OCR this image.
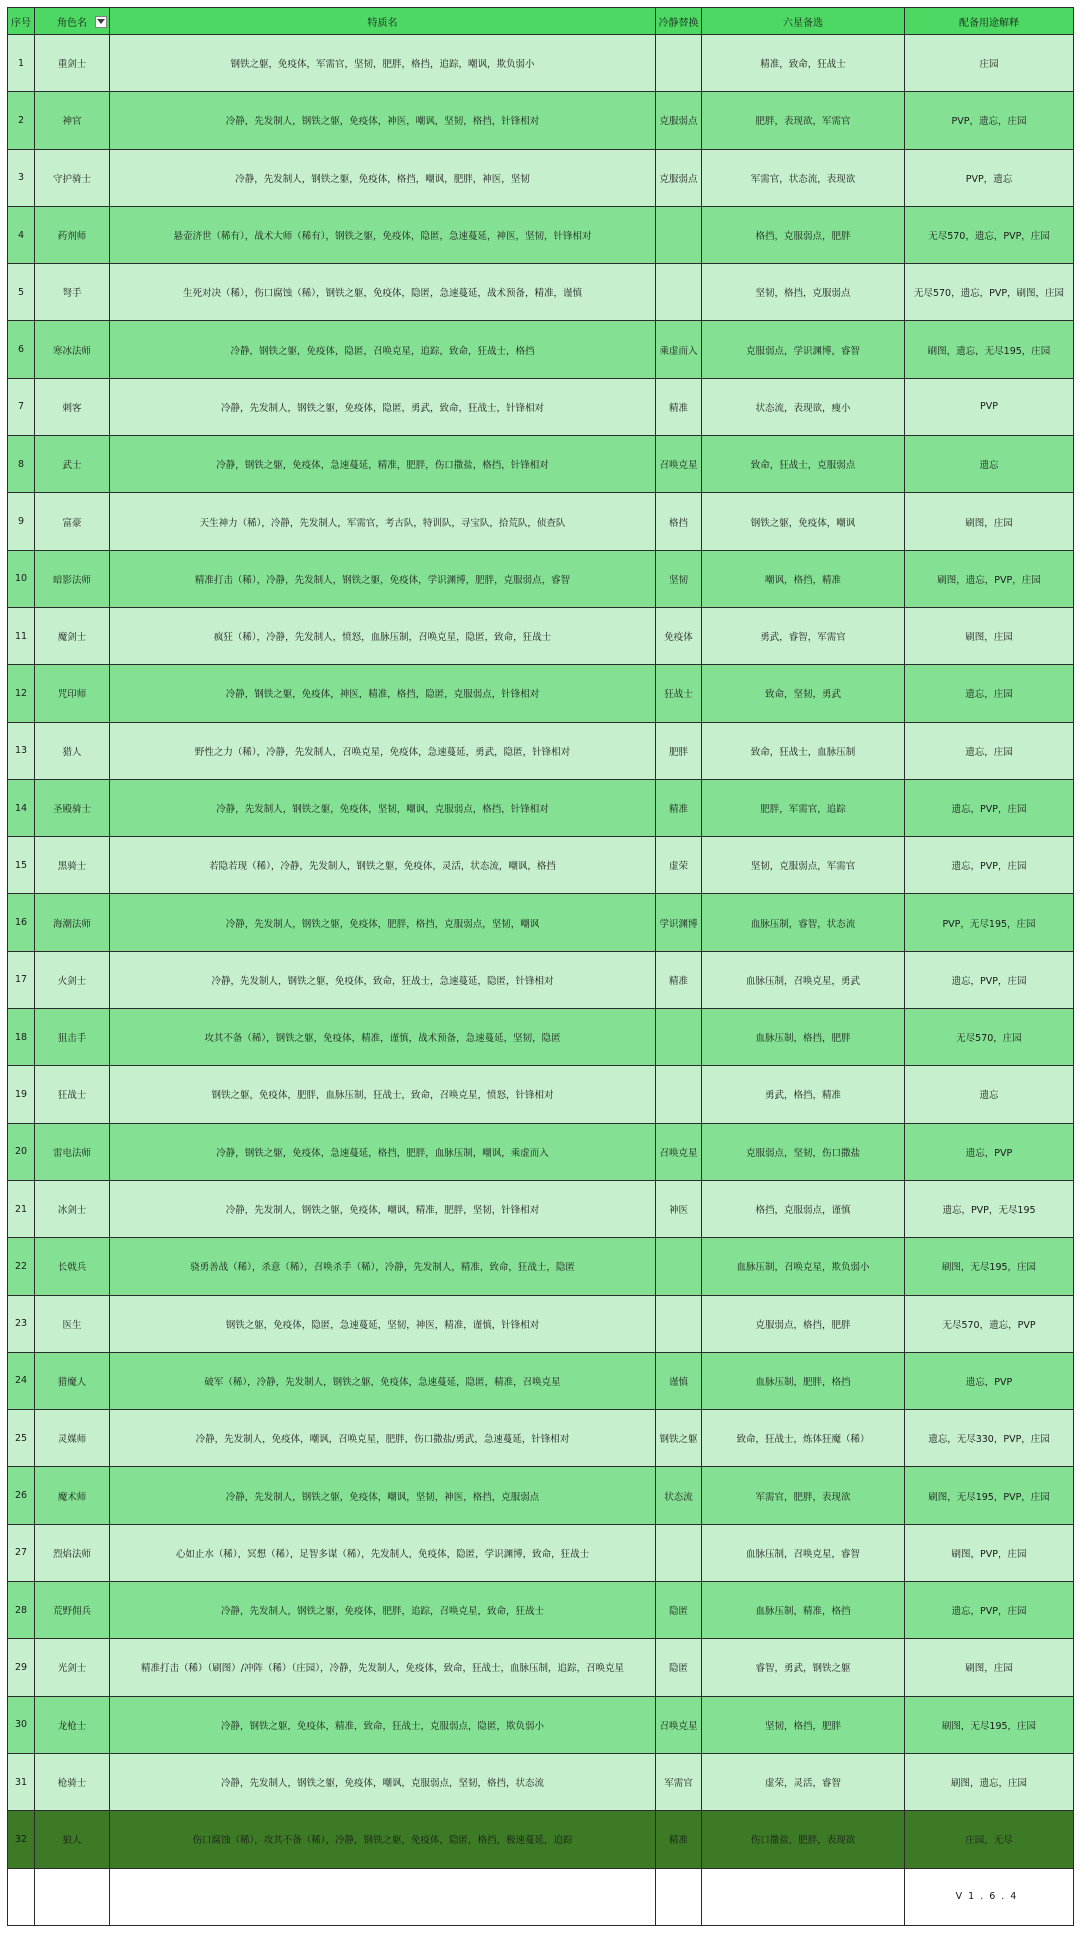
序号	角色名	特质名	冷静替换	六星备选	配备用途解释
1	重剑士	钢铁之躯，免疫体，军需官，坚韧，肥胖，格挡，追踪，嘲讽，欺负弱小		精准，致命，狂战士	庄园
2	神官	冷静，先发制人，钢铁之躯，免疫体，神医，嘲讽，坚韧，格挡，针锋相对	克服弱点	肥胖，表现欲，军需官	PVP，遗忘，庄园
3	守护骑士	冷静，先发制人，钢铁之躯，免疫体，格挡，嘲讽，肥胖，神医，坚韧	克服弱点	军需官，状态流，表现欲	PVP，遗忘
4	药剂师	悬壶济世（稀有），战术大师（稀有），钢铁之躯，免疫体，隐匿，急速蔓延，神医，坚韧，针锋相对		格挡，克服弱点，肥胖	无尽570，遗忘，PVP，庄园
5	弩手	生死对决（稀），伤口腐蚀（稀），钢铁之躯，免疫体，隐匿，急速蔓延，战术预备，精准，谨慎		坚韧，格挡，克服弱点	无尽570，遗忘，PVP，刷图，庄园
6	寒冰法师	冷静，钢铁之躯，免疫体，隐匿，召唤克星，追踪，致命，狂战士，格挡	乘虚而入	克服弱点，学识渊博，睿智	刷图，遗忘，无尽195，庄园
7	刺客	冷静，先发制人，钢铁之躯，免疫体，隐匿，勇武，致命，狂战士，针锋相对	精准	状态流，表现欲，瘦小	PVP
8	武士	冷静，钢铁之躯，免疫体，急速蔓延，精准，肥胖，伤口撒盐，格挡，针锋相对	召唤克星	致命，狂战士，克服弱点	遗忘
9	富豪	天生神力（稀），冷静，先发制人，军需官，考古队，特训队，寻宝队，拾荒队，侦查队	格挡	钢铁之躯，免疫体，嘲讽	刷图，庄园
10	暗影法师	精准打击（稀），冷静，先发制人，钢铁之躯，免疫体，学识渊博，肥胖，克服弱点，睿智	坚韧	嘲讽，格挡，精准	刷图，遗忘，PVP，庄园
11	魔剑士	疯狂（稀），冷静，先发制人，愤怒，血脉压制，召唤克星，隐匿，致命，狂战士	免疫体	勇武，睿智，军需官	刷图，庄园
12	咒印师	冷静，钢铁之躯，免疫体，神医，精准，格挡，隐匿，克服弱点，针锋相对	狂战士	致命，坚韧，勇武	遗忘，庄园
13	猎人	野性之力（稀），冷静，先发制人，召唤克星，免疫体，急速蔓延，勇武，隐匿，针锋相对	肥胖	致命，狂战士，血脉压制	遗忘，庄园
14	圣殿骑士	冷静，先发制人，钢铁之躯，免疫体，坚韧，嘲讽，克服弱点，格挡，针锋相对	精准	肥胖，军需官，追踪	遗忘，PVP，庄园
15	黑骑士	若隐若现（稀），冷静，先发制人，钢铁之躯，免疫体，灵活，状态流，嘲讽，格挡	虚荣	坚韧，克服弱点，军需官	遗忘，PVP，庄园
16	海潮法师	冷静，先发制人，钢铁之躯，免疫体，肥胖，格挡，克服弱点，坚韧，嘲讽	学识渊博	血脉压制，睿智，状态流	PVP，无尽195，庄园
17	火剑士	冷静，先发制人，钢铁之躯，免疫体，致命，狂战士，急速蔓延，隐匿，针锋相对	精准	血脉压制，召唤克星，勇武	遗忘，PVP，庄园
18	狙击手	攻其不备（稀），钢铁之躯，免疫体，精准，谨慎，战术预备，急速蔓延，坚韧，隐匿		血脉压制，格挡，肥胖	无尽570，庄园
19	狂战士	钢铁之躯，免疫体，肥胖，血脉压制，狂战士，致命，召唤克星，愤怒，针锋相对		勇武，格挡，精准	遗忘
20	雷电法师	冷静，钢铁之躯，免疫体，急速蔓延，格挡，肥胖，血脉压制，嘲讽，乘虚而入	召唤克星	克服弱点，坚韧，伤口撒盐	遗忘，PVP
21	冰剑士	冷静，先发制人，钢铁之躯，免疫体，嘲讽，精准，肥胖，坚韧，针锋相对	神医	格挡，克服弱点，谨慎	遗忘，PVP，无尽195
22	长戟兵	骁勇善战（稀），杀意（稀），召唤杀手（稀），冷静，先发制人，精准，致命，狂战士，隐匿		血脉压制，召唤克星，欺负弱小	刷图，无尽195，庄园
23	医生	钢铁之躯，免疫体，隐匿，急速蔓延，坚韧，神医，精准，谨慎，针锋相对		克服弱点，格挡，肥胖	无尽570，遗忘，PVP
24	猎魔人	破军（稀），冷静，先发制人，钢铁之躯，免疫体，急速蔓延，隐匿，精准，召唤克星	谨慎	血脉压制，肥胖，格挡	遗忘，PVP
25	灵媒师	冷静，先发制人，免疫体，嘲讽，召唤克星，肥胖，伤口撒盐/勇武，急速蔓延，针锋相对	钢铁之躯	致命，狂战士，炼体狂魔（稀）	遗忘，无尽330，PVP，庄园
26	魔术师	冷静，先发制人，钢铁之躯，免疫体，嘲讽，坚韧，神医，格挡，克服弱点	状态流	军需官，肥胖，表现欲	刷图，无尽195，PVP，庄园
27	烈焰法师	心如止水（稀），冥想（稀），足智多谋（稀），先发制人，免疫体，隐匿，学识渊博，致命，狂战士		血脉压制，召唤克星，睿智	刷图，PVP，庄园
28	荒野佣兵	冷静，先发制人，钢铁之躯，免疫体，肥胖，追踪，召唤克星，致命，狂战士	隐匿	血脉压制，精准，格挡	遗忘，PVP，庄园
29	光剑士	精准打击（稀）（刷图）/冲阵（稀）（庄园），冷静，先发制人，免疫体，致命，狂战士，血脉压制，追踪，召唤克星	隐匿	睿智，勇武，钢铁之躯	刷图，庄园
30	龙枪士	冷静，钢铁之躯，免疫体，精准，致命，狂战士，克服弱点，隐匿，欺负弱小	召唤克星	坚韧，格挡，肥胖	刷图，无尽195，庄园
31	枪骑士	冷静，先发制人，钢铁之躯，免疫体，嘲讽，克服弱点，坚韧，格挡，状态流	军需官	虚荣，灵活，睿智	刷图，遗忘，庄园
32	狼人	伤口腐蚀（稀），攻其不备（稀），冷静，钢铁之躯，免疫体，隐匿，格挡，极速蔓延，追踪	精准	伤口撒盐，肥胖，表现欲	庄园，无尽
					V1.6.4
